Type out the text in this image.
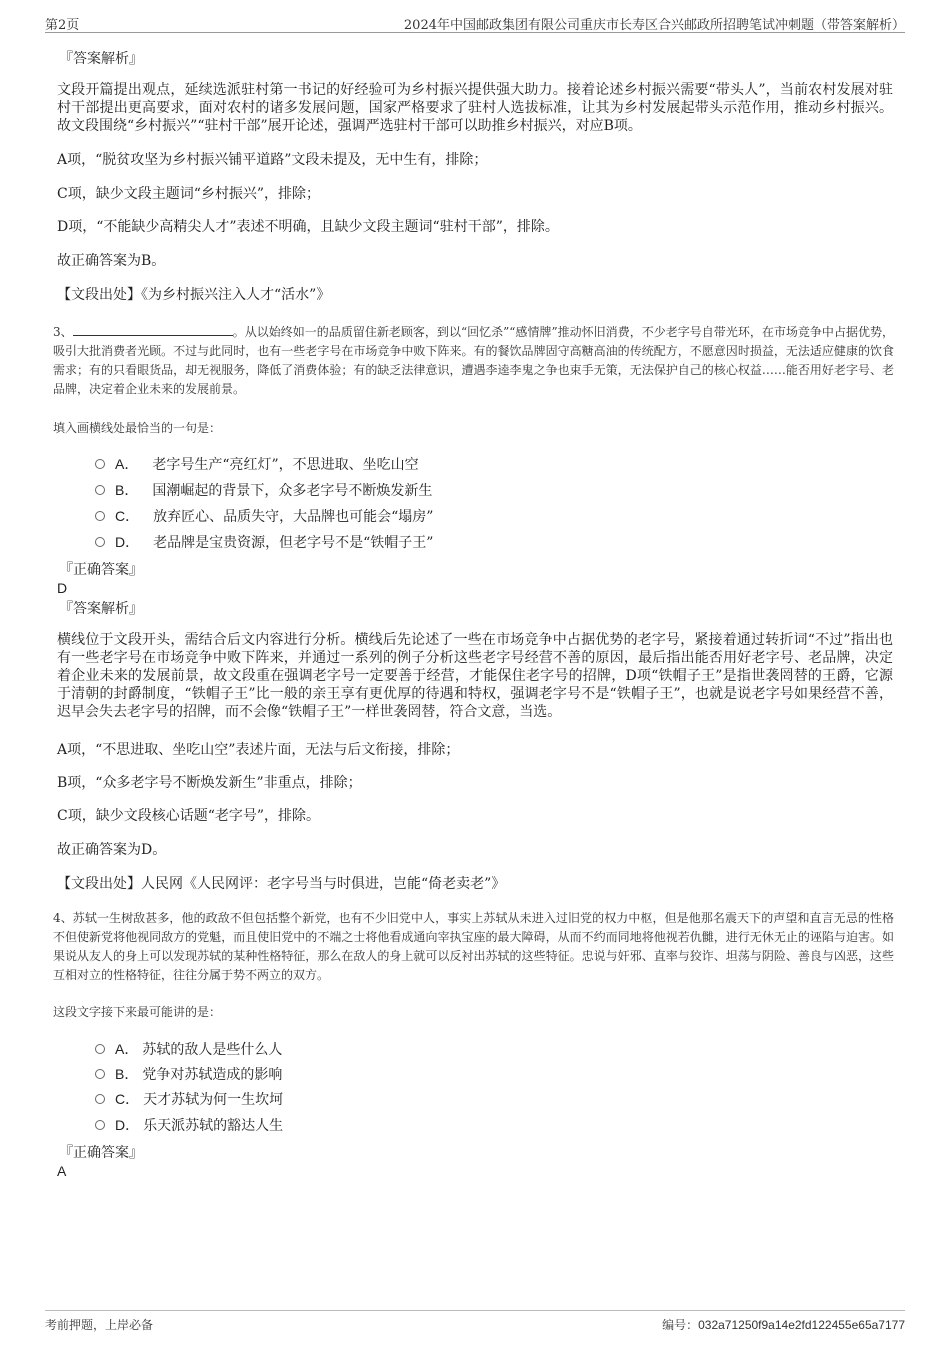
第2页	2024年中国邮政集团有限公司重庆市长寿区合兴邮政所招聘笔试冲刺题（带答案解析）
『答案解析』
文段开篇提出观点，延续选派驻村第一书记的好经验可为乡村振兴提供强大助力。接着论述乡村振兴需要“带头人”，当前农村发展对驻村干部提出更高要求，面对农村的诸多发展问题，国家严格要求了驻村人选拔标准，让其为乡村发展起带头示范作用，推动乡村振兴。故文段围绕“乡村振兴”“驻村干部”展开论述，强调严选驻村干部可以助推乡村振兴，对应B项。
A项，“脱贫攻坚为乡村振兴铺平道路”文段未提及，无中生有，排除；
C项，缺少文段主题词“乡村振兴”，排除；
D项，“不能缺少高精尖人才”表述不明确，且缺少文段主题词“驻村干部”，排除。
故正确答案为B。
【文段出处】《为乡村振兴注入人才“活水”》
3、	。从以始终如一的品质留住新老顾客，到以“回忆杀”“感情牌”推动怀旧消费，不少老字号自带光环，在市场竞争中占据优势，吸引大批消费者光顾。不过与此同时，也有一些老字号在市场竞争中败下阵来。有的餐饮品牌固守高糖高油的传统配方，不愿意因时损益，无法适应健康的饮食需求；有的只看眼货品，却无视服务，降低了消费体验；有的缺乏法律意识，遭遇李逵李鬼之争也束手无策，无法保护自己的核心权益……能否用好老字号、老品牌，决定着企业未来的发展前景。
填入画横线处最恰当的一句是：
A． 老字号生产“亮红灯”，不思进取、坐吃山空
B． 国潮崛起的背景下，众多老字号不断焕发新生
C． 放弃匠心、品质失守，大品牌也可能会“塌房”
D． 老品牌是宝贵资源，但老字号不是“铁帽子王”
『正确答案』
D
『答案解析』
横线位于文段开头，需结合后文内容进行分析。横线后先论述了一些在市场竞争中占据优势的老字号，紧接着通过转折词“不过”指出也有一些老字号在市场竞争中败下阵来，并通过一系列的例子分析这些老字号经营不善的原因，最后指出能否用好老字号、老品牌，决定着企业未来的发展前景，故文段重在强调老字号一定要善于经营，才能保住老字号的招牌，D项“铁帽子王”是指世袭罔替的王爵，它源于清朝的封爵制度，“铁帽子王”比一般的亲王享有更优厚的待遇和特权，强调老字号不是“铁帽子王”，也就是说老字号如果经营不善，迟早会失去老字号的招牌，而不会像“铁帽子王”一样世袭罔替，符合文意，当选。
A项，“不思进取、坐吃山空”表述片面，无法与后文衔接，排除；
B项，“众多老字号不断焕发新生”非重点，排除；
C项，缺少文段核心话题“老字号”，排除。
故正确答案为D。
【文段出处】人民网《人民网评：老字号当与时俱进，岂能“倚老卖老”》
4、苏轼一生树敌甚多，他的政敌不但包括整个新党，也有不少旧党中人，事实上苏轼从未进入过旧党的权力中枢，但是他那名震天下的声望和直言无忌的性格不但使新党将他视同敌方的党魁，而且使旧党中的不端之士将他看成通向宰执宝座的最大障碍，从而不约而同地将他视若仇雠，进行无休无止的诬陷与迫害。如果说从友人的身上可以发现苏轼的某种性格特征，那么在敌人的身上就可以反衬出苏轼的这些特征。忠说与奸邪、直率与狡诈、坦荡与阴险、善良与凶恶，这些互相对立的性格特征，往往分属于势不两立的双方。
这段文字接下来最可能讲的是：
A． 苏轼的敌人是些什么人
B． 党争对苏轼造成的影响
C． 天才苏轼为何一生坎坷
D． 乐天派苏轼的豁达人生
『正确答案』
A
考前押题，上岸必备	编号：032a71250f9a14e2fd122455e65a7177
